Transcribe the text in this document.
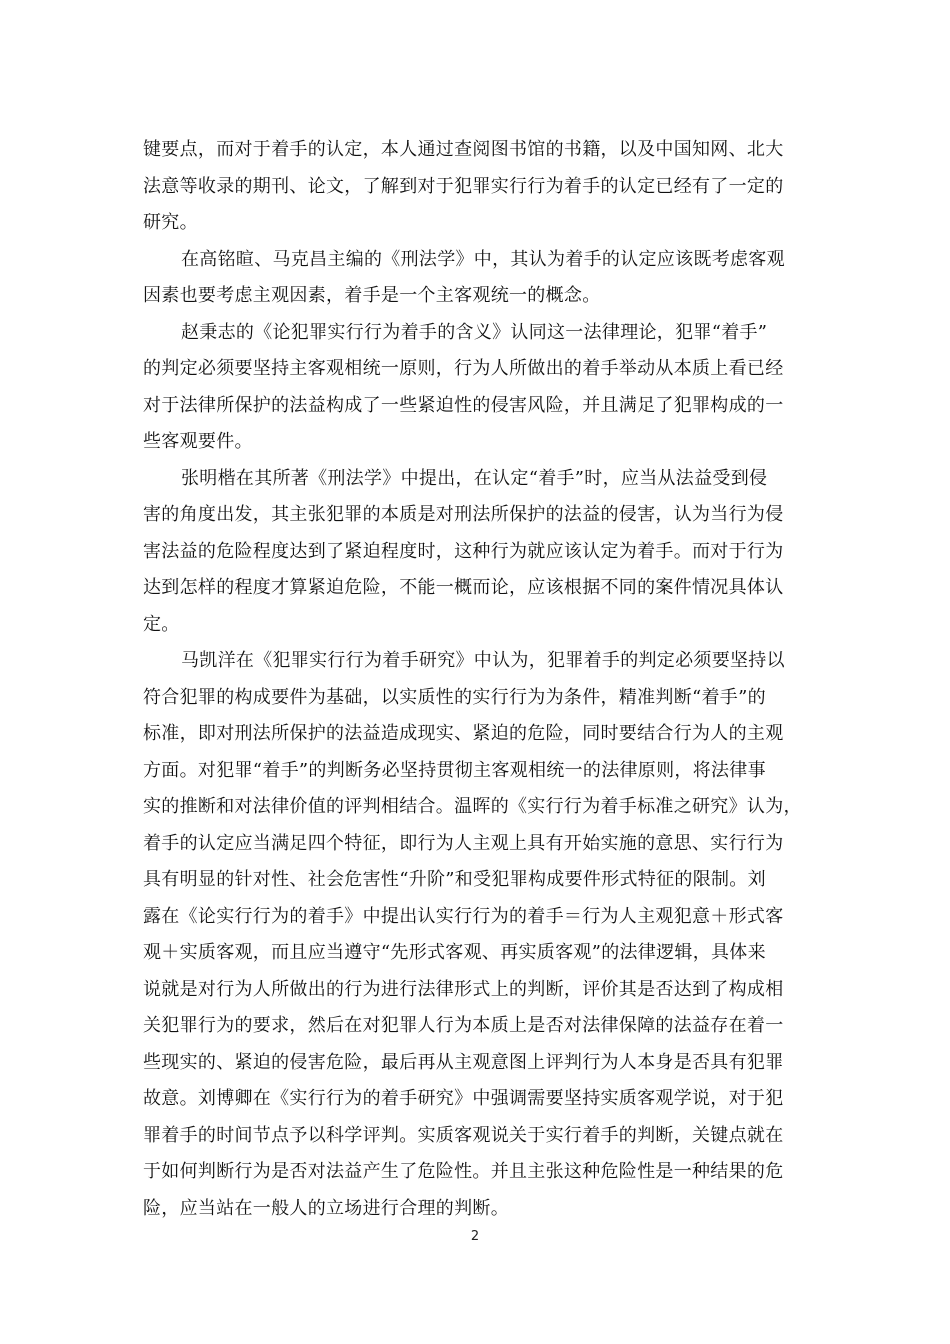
键要点，而对于着手的认定，本人通过查阅图书馆的书籍，以及中国知网、北大
法意等收录的期刊、论文，了解到对于犯罪实行行为着手的认定已经有了一定的
研究。
在高铭暄、马克昌主编的《刑法学》中，其认为着手的认定应该既考虑客观
因素也要考虑主观因素，着手是一个主客观统一的概念。
赵秉志的《论犯罪实行行为着手的含义》认同这一法律理论，犯罪“着手”
的判定必须要坚持主客观相统一原则，行为人所做出的着手举动从本质上看已经
对于法律所保护的法益构成了一些紧迫性的侵害风险，并且满足了犯罪构成的一
些客观要件。
张明楷在其所著《刑法学》中提出，在认定“着手”时，应当从法益受到侵
害的角度出发，其主张犯罪的本质是对刑法所保护的法益的侵害，认为当行为侵
害法益的危险程度达到了紧迫程度时，这种行为就应该认定为着手。而对于行为
达到怎样的程度才算紧迫危险，不能一概而论，应该根据不同的案件情况具体认
定。
马凯洋在《犯罪实行行为着手研究》中认为，犯罪着手的判定必须要坚持以
符合犯罪的构成要件为基础，以实质性的实行行为为条件，精准判断“着手”的
标准，即对刑法所保护的法益造成现实、紧迫的危险，同时要结合行为人的主观
方面。对犯罪“着手”的判断务必坚持贯彻主客观相统一的法律原则，将法律事
实的推断和对法律价值的评判相结合。温晖的《实行行为着手标准之研究》认为，
着手的认定应当满足四个特征，即行为人主观上具有开始实施的意思、实行行为
具有明显的针对性、社会危害性“升阶”和受犯罪构成要件形式特征的限制。刘
露在《论实行行为的着手》中提出认实行行为的着手＝行为人主观犯意＋形式客
观＋实质客观，而且应当遵守“先形式客观、再实质客观”的法律逻辑，具体来
说就是对行为人所做出的行为进行法律形式上的判断，评价其是否达到了构成相
关犯罪行为的要求，然后在对犯罪人行为本质上是否对法律保障的法益存在着一
些现实的、紧迫的侵害危险，最后再从主观意图上评判行为人本身是否具有犯罪
故意。刘博卿在《实行行为的着手研究》中强调需要坚持实质客观学说，对于犯
罪着手的时间节点予以科学评判。实质客观说关于实行着手的判断，关键点就在
于如何判断行为是否对法益产生了危险性。并且主张这种危险性是一种结果的危
险，应当站在一般人的立场进行合理的判断。
2
